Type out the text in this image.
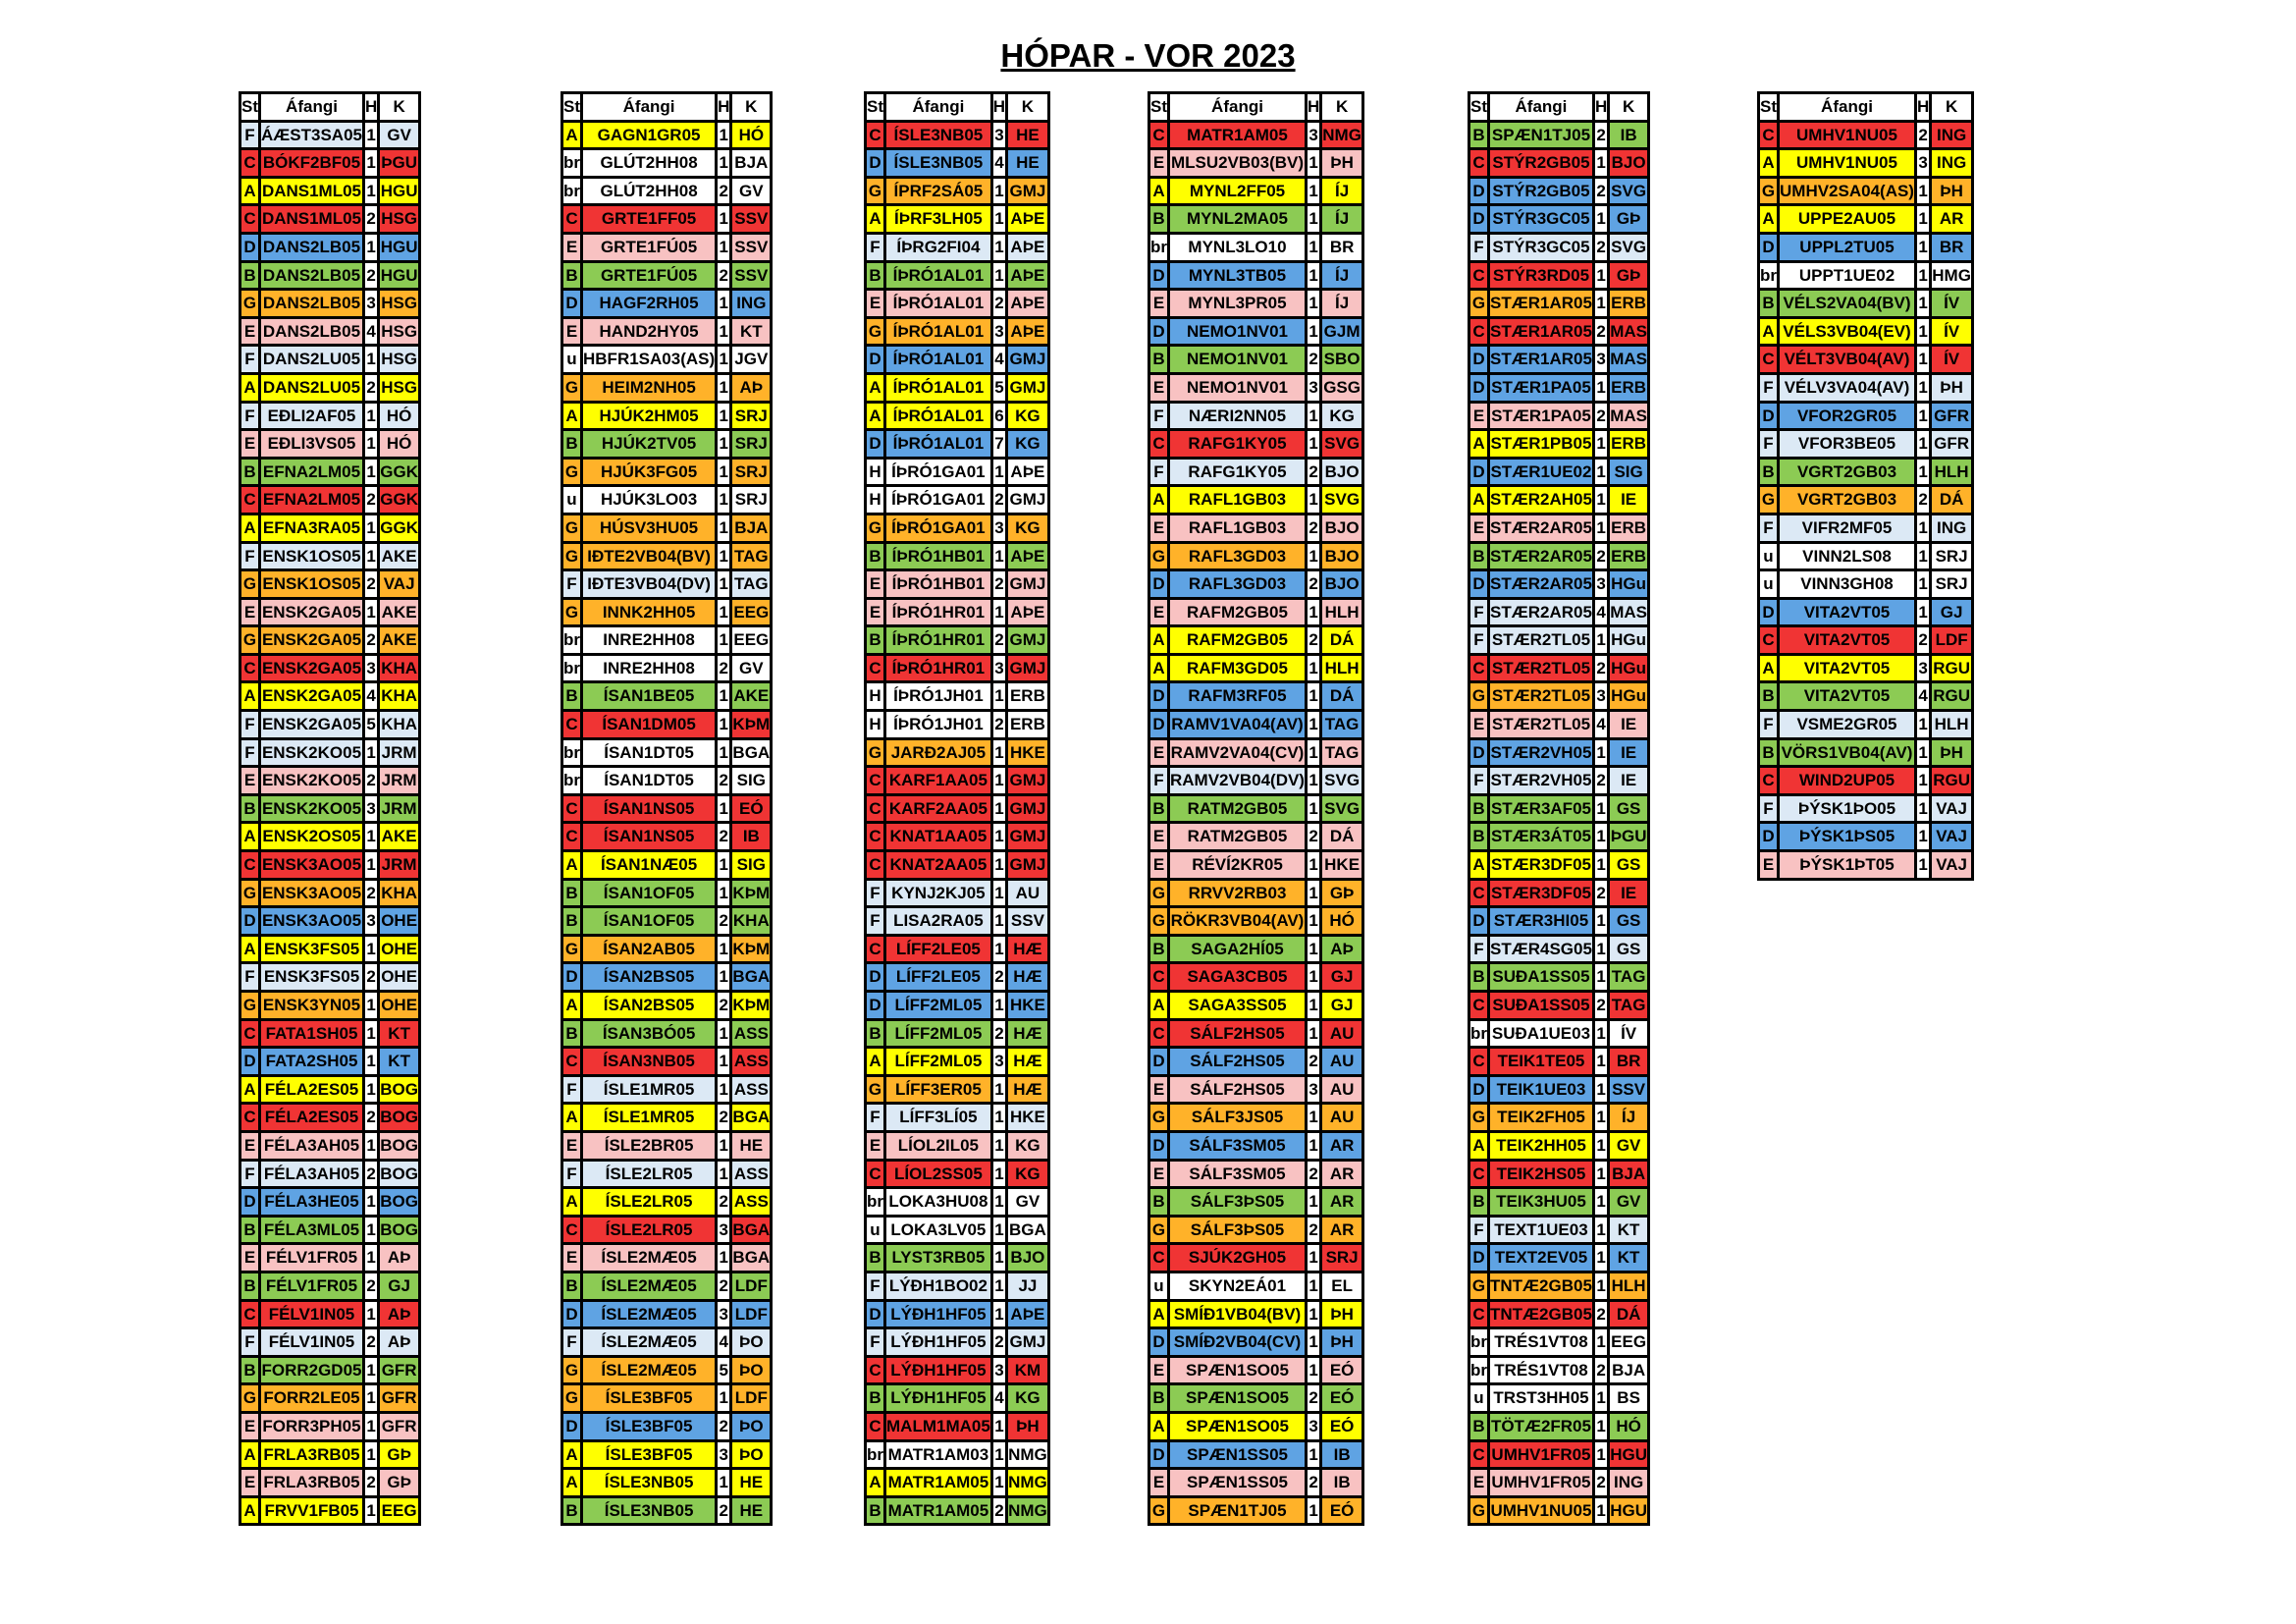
HÓPAR - VOR 2023
St	Áfangi	H	K
F	ÁÆST3SA05	1	GV
C	BÓKF2BF05	1	ÞGU
A	DANS1ML05	1	HGU
C	DANS1ML05	2	HSG
D	DANS2LB05	1	HGU
B	DANS2LB05	2	HGU
G	DANS2LB05	3	HSG
E	DANS2LB05	4	HSG
F	DANS2LU05	1	HSG
A	DANS2LU05	2	HSG
F	EÐLI2AF05	1	HÓ
E	EÐLI3VS05	1	HÓ
B	EFNA2LM05	1	GGK
C	EFNA2LM05	2	GGK
A	EFNA3RA05	1	GGK
F	ENSK1OS05	1	AKE
G	ENSK1OS05	2	VAJ
E	ENSK2GA05	1	AKE
G	ENSK2GA05	2	AKE
C	ENSK2GA05	3	KHA
A	ENSK2GA05	4	KHA
F	ENSK2GA05	5	KHA
F	ENSK2KO05	1	JRM
E	ENSK2KO05	2	JRM
B	ENSK2KO05	3	JRM
A	ENSK2OS05	1	AKE
C	ENSK3AO05	1	JRM
G	ENSK3AO05	2	KHA
D	ENSK3AO05	3	OHE
A	ENSK3FS05	1	OHE
F	ENSK3FS05	2	OHE
G	ENSK3YN05	1	OHE
C	FATA1SH05	1	KT
D	FATA2SH05	1	KT
A	FÉLA2ES05	1	BOG
C	FÉLA2ES05	2	BOG
E	FÉLA3AH05	1	BOG
F	FÉLA3AH05	2	BOG
D	FÉLA3HE05	1	BOG
B	FÉLA3ML05	1	BOG
E	FÉLV1FR05	1	AÞ
B	FÉLV1FR05	2	GJ
C	FÉLV1IN05	1	AÞ
F	FÉLV1IN05	2	AÞ
B	FORR2GD05	1	GFR
G	FORR2LE05	1	GFR
E	FORR3PH05	1	GFR
A	FRLA3RB05	1	GÞ
E	FRLA3RB05	2	GÞ
A	FRVV1FB05	1	EEG
St	Áfangi	H	K
A	GAGN1GR05	1	HÓ
br	GLÚT2HH08	1	BJA
br	GLÚT2HH08	2	GV
C	GRTE1FF05	1	SSV
E	GRTE1FÚ05	1	SSV
B	GRTE1FÚ05	2	SSV
D	HAGF2RH05	1	ING
E	HAND2HY05	1	KT
u	HBFR1SA03(AS)	1	JGV
G	HEIM2NH05	1	AÞ
A	HJÚK2HM05	1	SRJ
B	HJÚK2TV05	1	SRJ
G	HJÚK3FG05	1	SRJ
u	HJÚK3LO03	1	SRJ
G	HÚSV3HU05	1	BJA
G	IÐTE2VB04(BV)	1	TAG
F	IÐTE3VB04(DV)	1	TAG
G	INNK2HH05	1	EEG
br	INRE2HH08	1	EEG
br	INRE2HH08	2	GV
B	ÍSAN1BE05	1	AKE
C	ÍSAN1DM05	1	KÞM
br	ÍSAN1DT05	1	BGA
br	ÍSAN1DT05	2	SIG
C	ÍSAN1NS05	1	EÓ
C	ÍSAN1NS05	2	IB
A	ÍSAN1NÆ05	1	SIG
B	ÍSAN1OF05	1	KÞM
B	ÍSAN1OF05	2	KHA
G	ÍSAN2AB05	1	KÞM
D	ÍSAN2BS05	1	BGA
A	ÍSAN2BS05	2	KÞM
B	ÍSAN3BÓ05	1	ASS
C	ÍSAN3NB05	1	ASS
F	ÍSLE1MR05	1	ASS
A	ÍSLE1MR05	2	BGA
E	ÍSLE2BR05	1	HE
F	ÍSLE2LR05	1	ASS
A	ÍSLE2LR05	2	ASS
C	ÍSLE2LR05	3	BGA
E	ÍSLE2MÆ05	1	BGA
B	ÍSLE2MÆ05	2	LDF
D	ÍSLE2MÆ05	3	LDF
F	ÍSLE2MÆ05	4	ÞO
G	ÍSLE2MÆ05	5	ÞO
G	ÍSLE3BF05	1	LDF
D	ÍSLE3BF05	2	ÞO
A	ÍSLE3BF05	3	ÞO
A	ÍSLE3NB05	1	HE
B	ÍSLE3NB05	2	HE
St	Áfangi	H	K
C	ÍSLE3NB05	3	HE
D	ÍSLE3NB05	4	HE
G	ÍPRF2SÁ05	1	GMJ
A	ÍÞRF3LH05	1	AÞE
F	ÍÞRG2FI04	1	AÞE
B	ÍÞRÓ1AL01	1	AÞE
E	ÍÞRÓ1AL01	2	AÞE
G	ÍÞRÓ1AL01	3	AÞE
D	ÍÞRÓ1AL01	4	GMJ
A	ÍÞRÓ1AL01	5	GMJ
A	ÍÞRÓ1AL01	6	KG
D	ÍÞRÓ1AL01	7	KG
H	ÍÞRÓ1GA01	1	AÞE
H	ÍÞRÓ1GA01	2	GMJ
G	ÍÞRÓ1GA01	3	KG
B	ÍÞRÓ1HB01	1	AÞE
E	ÍÞRÓ1HB01	2	GMJ
E	ÍÞRÓ1HR01	1	AÞE
B	ÍÞRÓ1HR01	2	GMJ
C	ÍÞRÓ1HR01	3	GMJ
H	ÍÞRÓ1JH01	1	ERB
H	ÍÞRÓ1JH01	2	ERB
G	JARÐ2AJ05	1	HKE
C	KARF1AA05	1	GMJ
C	KARF2AA05	1	GMJ
C	KNAT1AA05	1	GMJ
C	KNAT2AA05	1	GMJ
F	KYNJ2KJ05	1	AU
F	LISA2RA05	1	SSV
C	LÍFF2LE05	1	HÆ
D	LÍFF2LE05	2	HÆ
D	LÍFF2ML05	1	HKE
B	LÍFF2ML05	2	HÆ
A	LÍFF2ML05	3	HÆ
G	LÍFF3ER05	1	HÆ
F	LÍFF3LÍ05	1	HKE
E	LÍOL2IL05	1	KG
C	LÍOL2SS05	1	KG
br	LOKA3HU08	1	GV
u	LOKA3LV05	1	BGA
B	LYST3RB05	1	BJO
F	LÝÐH1BO02	1	JJ
D	LÝÐH1HF05	1	AÞE
F	LÝÐH1HF05	2	GMJ
C	LÝÐH1HF05	3	KM
B	LÝÐH1HF05	4	KG
C	MALM1MA05	1	ÞH
br	MATR1AM03	1	NMG
A	MATR1AM05	1	NMG
B	MATR1AM05	2	NMG
St	Áfangi	H	K
C	MATR1AM05	3	NMG
E	MLSU2VB03(BV)	1	ÞH
A	MYNL2FF05	1	ÍJ
B	MYNL2MA05	1	ÍJ
br	MYNL3LO10	1	BR
D	MYNL3TB05	1	ÍJ
E	MYNL3PR05	1	ÍJ
D	NEMO1NV01	1	GJM
B	NEMO1NV01	2	SBO
E	NEMO1NV01	3	GSG
F	NÆRI2NN05	1	KG
C	RAFG1KY05	1	SVG
F	RAFG1KY05	2	BJO
A	RAFL1GB03	1	SVG
E	RAFL1GB03	2	BJO
G	RAFL3GD03	1	BJO
D	RAFL3GD03	2	BJO
E	RAFM2GB05	1	HLH
A	RAFM2GB05	2	DÁ
A	RAFM3GD05	1	HLH
D	RAFM3RF05	1	DÁ
D	RAMV1VA04(AV)	1	TAG
E	RAMV2VA04(CV)	1	TAG
F	RAMV2VB04(DV)	1	SVG
B	RATM2GB05	1	SVG
E	RATM2GB05	2	DÁ
E	RÉVÍ2KR05	1	HKE
G	RRVV2RB03	1	GÞ
G	RÖKR3VB04(AV)	1	HÓ
B	SAGA2HÍ05	1	AÞ
C	SAGA3CB05	1	GJ
A	SAGA3SS05	1	GJ
C	SÁLF2HS05	1	AU
D	SÁLF2HS05	2	AU
E	SÁLF2HS05	3	AU
G	SÁLF3JS05	1	AU
D	SÁLF3SM05	1	AR
E	SÁLF3SM05	2	AR
B	SÁLF3ÞS05	1	AR
G	SÁLF3ÞS05	2	AR
C	SJÚK2GH05	1	SRJ
u	SKYN2EÁ01	1	EL
A	SMÍÐ1VB04(BV)	1	ÞH
D	SMÍÐ2VB04(CV)	1	ÞH
E	SPÆN1SO05	1	EÓ
B	SPÆN1SO05	2	EÓ
A	SPÆN1SO05	3	EÓ
D	SPÆN1SS05	1	IB
E	SPÆN1SS05	2	IB
G	SPÆN1TJ05	1	EÓ
St	Áfangi	H	K
B	SPÆN1TJ05	2	IB
C	STÝR2GB05	1	BJO
D	STÝR2GB05	2	SVG
D	STÝR3GC05	1	GÞ
F	STÝR3GC05	2	SVG
C	STÝR3RD05	1	GÞ
G	STÆR1AR05	1	ERB
C	STÆR1AR05	2	MAS
D	STÆR1AR05	3	MAS
D	STÆR1PA05	1	ERB
E	STÆR1PA05	2	MAS
A	STÆR1PB05	1	ERB
D	STÆR1UE02	1	SIG
A	STÆR2AH05	1	IE
E	STÆR2AR05	1	ERB
B	STÆR2AR05	2	ERB
D	STÆR2AR05	3	HGu
F	STÆR2AR05	4	MAS
F	STÆR2TL05	1	HGu
C	STÆR2TL05	2	HGu
G	STÆR2TL05	3	HGu
E	STÆR2TL05	4	IE
D	STÆR2VH05	1	IE
F	STÆR2VH05	2	IE
B	STÆR3AF05	1	GS
B	STÆR3ÁT05	1	ÞGU
A	STÆR3DF05	1	GS
C	STÆR3DF05	2	IE
D	STÆR3HI05	1	GS
F	STÆR4SG05	1	GS
B	SUÐA1SS05	1	TAG
C	SUÐA1SS05	2	TAG
br	SUÐA1UE03	1	ÍV
C	TEIK1TE05	1	BR
D	TEIK1UE03	1	SSV
G	TEIK2FH05	1	ÍJ
A	TEIK2HH05	1	GV
C	TEIK2HS05	1	BJA
B	TEIK3HU05	1	GV
F	TEXT1UE03	1	KT
D	TEXT2EV05	1	KT
G	TNTÆ2GB05	1	HLH
C	TNTÆ2GB05	2	DÁ
br	TRÉS1VT08	1	EEG
br	TRÉS1VT08	2	BJA
u	TRST3HH05	1	BS
B	TÖTÆ2FR05	1	HÓ
C	UMHV1FR05	1	HGU
E	UMHV1FR05	2	ING
G	UMHV1NU05	1	HGU
St	Áfangi	H	K
C	UMHV1NU05	2	ING
A	UMHV1NU05	3	ING
G	UMHV2SA04(AS)	1	ÞH
A	UPPE2AU05	1	AR
D	UPPL2TU05	1	BR
br	UPPT1UE02	1	HMG
B	VÉLS2VA04(BV)	1	ÍV
A	VÉLS3VB04(EV)	1	ÍV
C	VÉLT3VB04(AV)	1	ÍV
F	VÉLV3VA04(AV)	1	ÞH
D	VFOR2GR05	1	GFR
F	VFOR3BE05	1	GFR
B	VGRT2GB03	1	HLH
G	VGRT2GB03	2	DÁ
F	VIFR2MF05	1	ING
u	VINN2LS08	1	SRJ
u	VINN3GH08	1	SRJ
D	VITA2VT05	1	GJ
C	VITA2VT05	2	LDF
A	VITA2VT05	3	RGU
B	VITA2VT05	4	RGU
F	VSME2GR05	1	HLH
B	VÖRS1VB04(AV)	1	ÞH
C	WIND2UP05	1	RGU
F	ÞÝSK1ÞO05	1	VAJ
D	ÞÝSK1ÞS05	1	VAJ
E	ÞÝSK1ÞT05	1	VAJ
